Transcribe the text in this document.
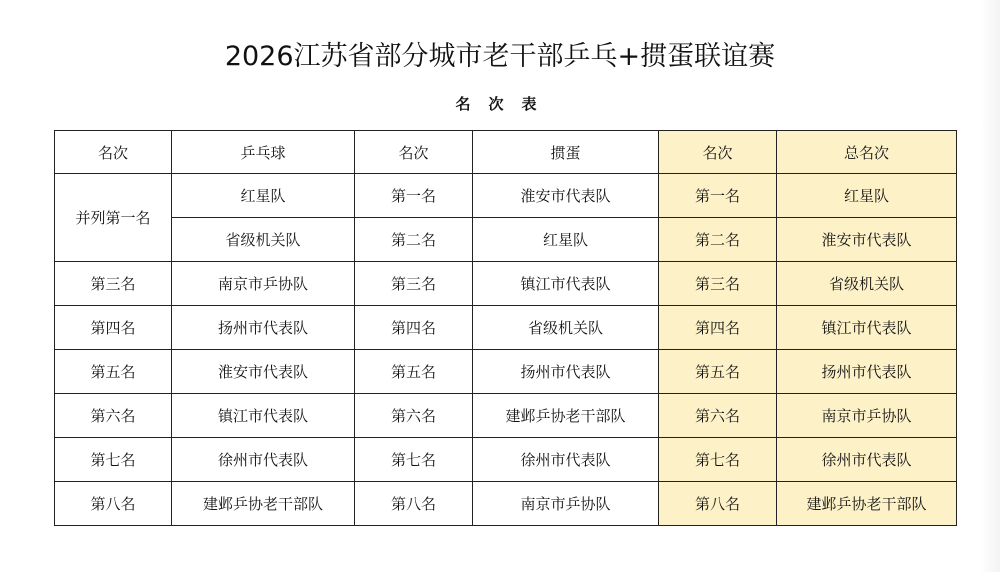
2026江苏省部分城市老干部乒乓+掼蛋联谊赛
名次表
名次	乒乓球	名次	掼蛋	名次	总名次
并列第一名	红星队	第一名	淮安市代表队	第一名	红星队
	省级机关队	第二名	红星队	第二名	淮安市代表队
第三名	南京市乒协队	第三名	镇江市代表队	第三名	省级机关队
第四名	扬州市代表队	第四名	省级机关队	第四名	镇江市代表队
第五名	淮安市代表队	第五名	扬州市代表队	第五名	扬州市代表队
第六名	镇江市代表队	第六名	建邺乒协老干部队	第六名	南京市乒协队
第七名	徐州市代表队	第七名	徐州市代表队	第七名	徐州市代表队
第八名	建邺乒协老干部队	第八名	南京市乒协队	第八名	建邺乒协老干部队
